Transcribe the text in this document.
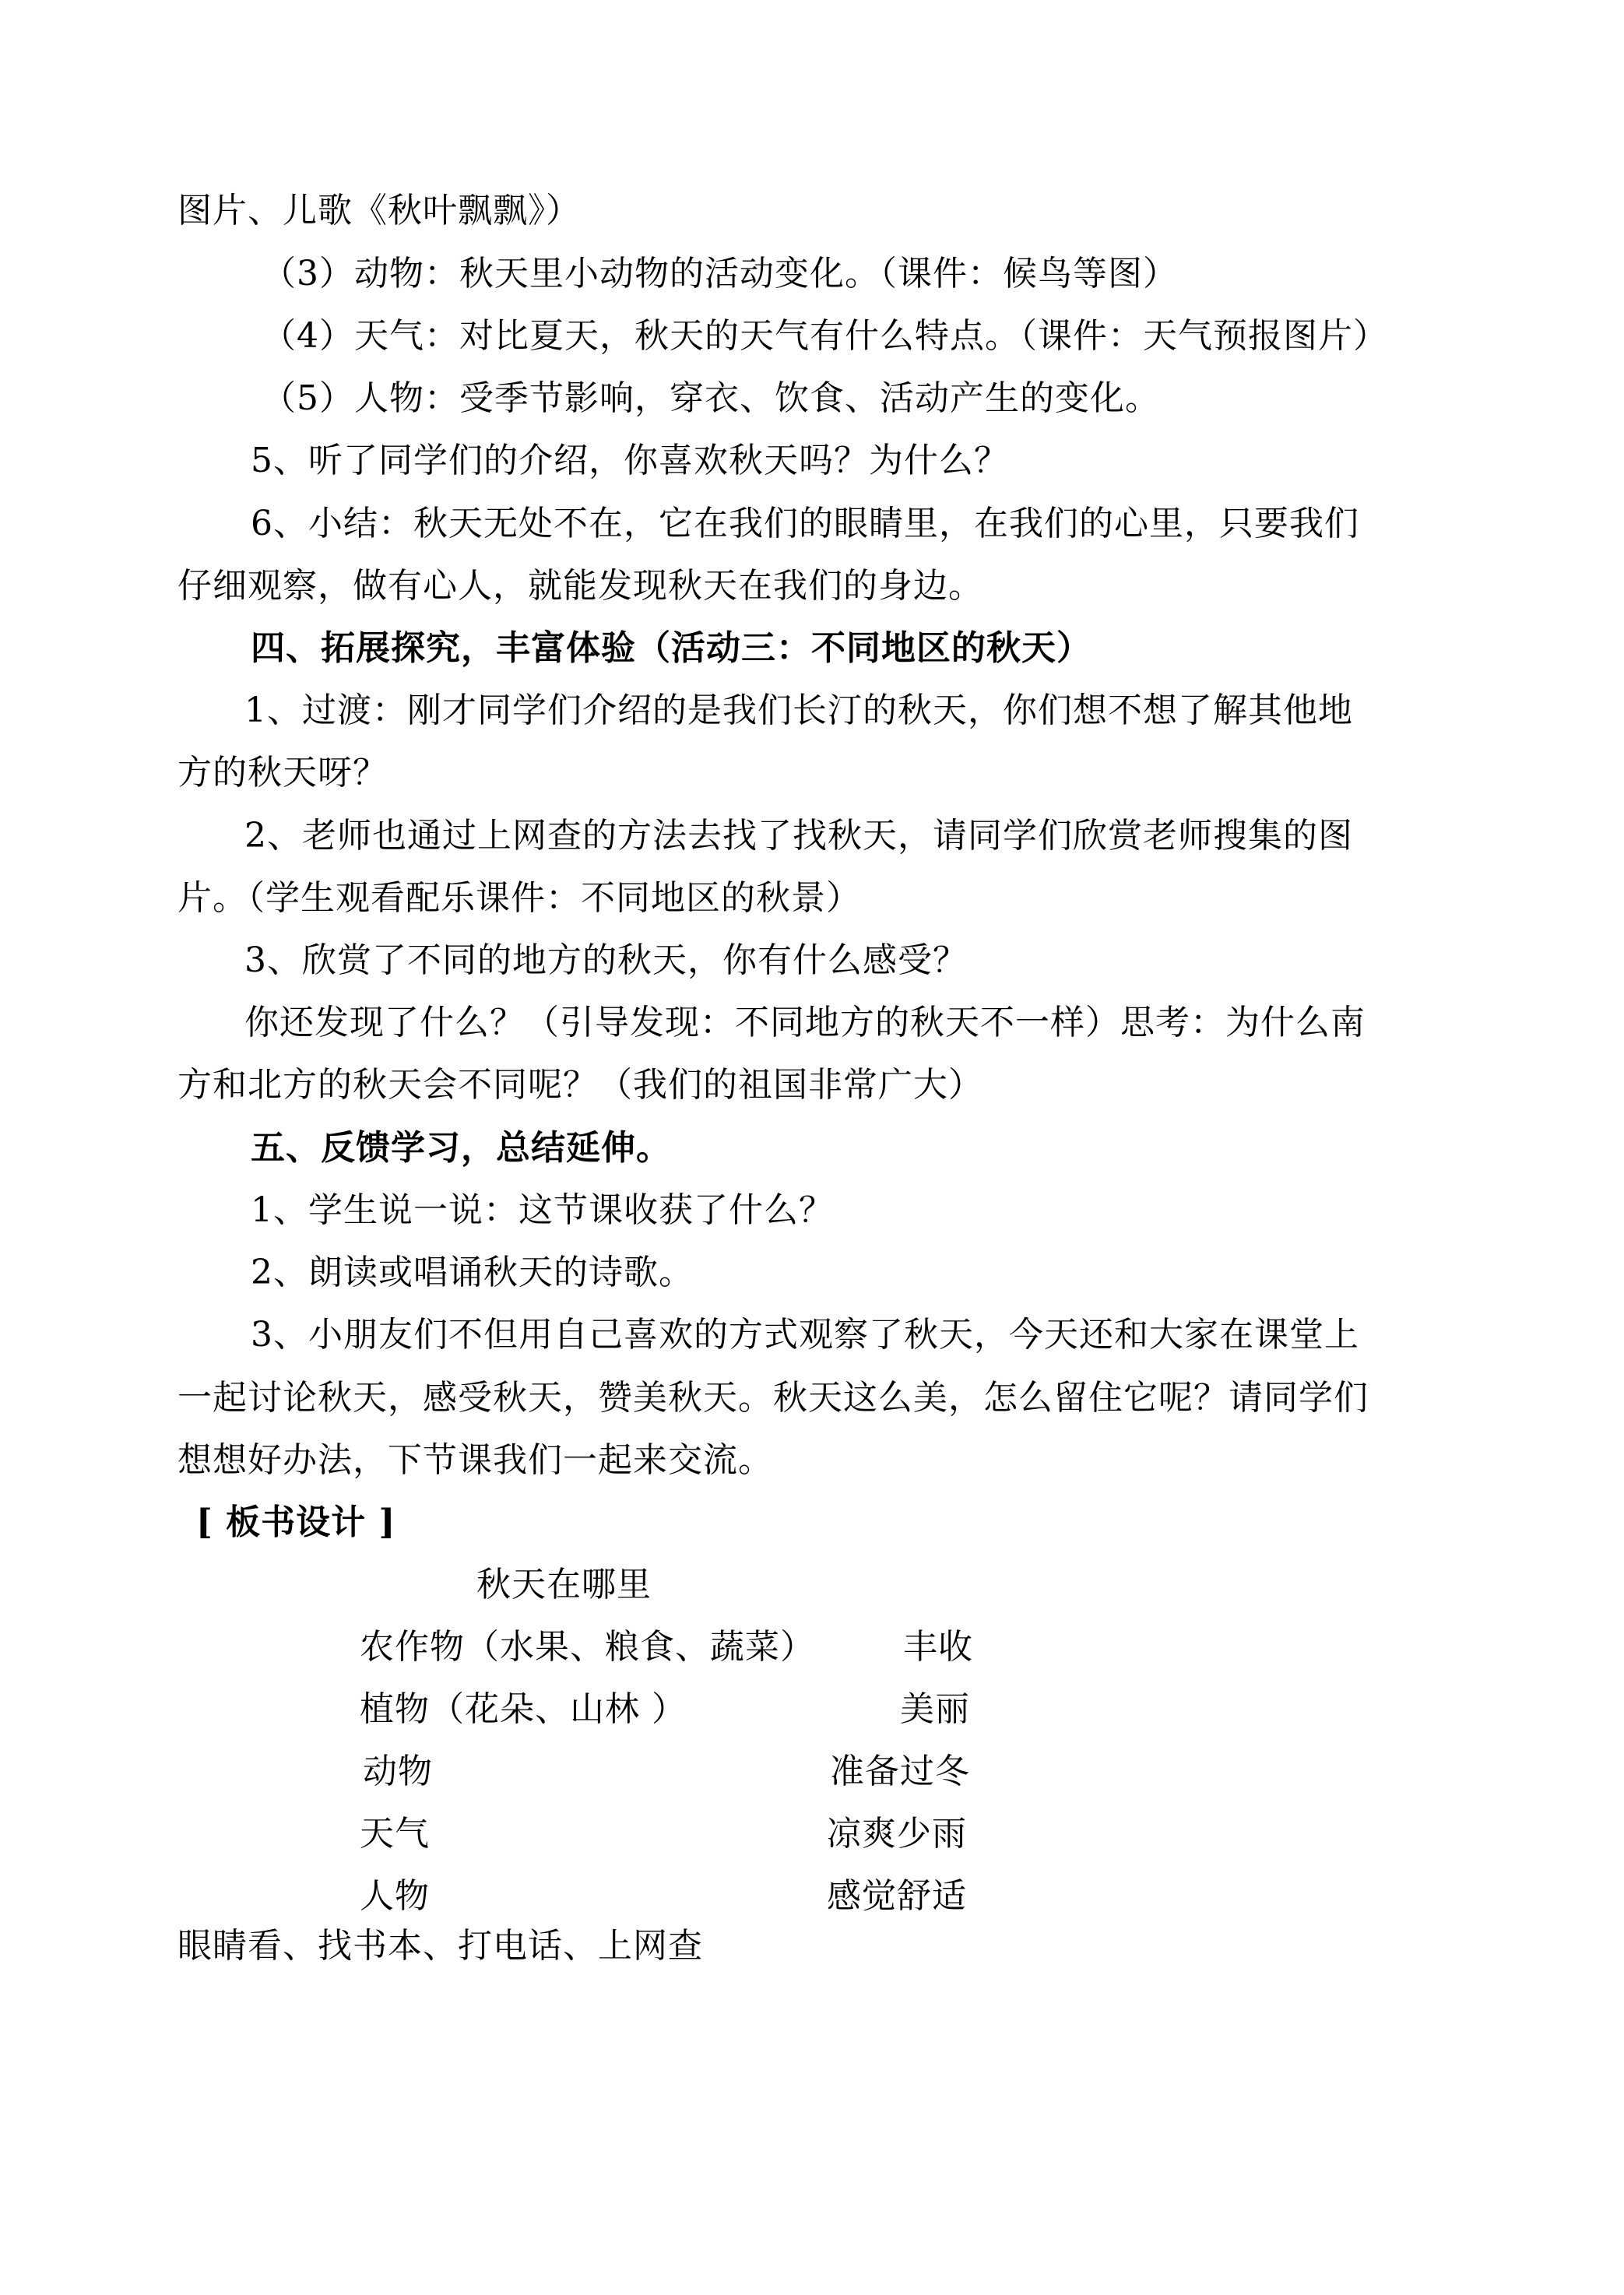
图片、儿歌《秋叶飘飘》）
（3）动物：秋天里小动物的活动变化。（课件：候鸟等图）
（4）天气：对比夏天，秋天的天气有什么特点。（课件：天气预报图片）
（5）人物：受季节影响，穿衣、饮食、活动产生的变化。
5、听了同学们的介绍，你喜欢秋天吗？为什么？
6、小结：秋天无处不在，它在我们的眼睛里，在我们的心里，只要我们
仔细观察，做有心人，就能发现秋天在我们的身边。
四、拓展探究，丰富体验（活动三：不同地区的秋天）
1、过渡：刚才同学们介绍的是我们长汀的秋天，你们想不想了解其他地
方的秋天呀？
2、老师也通过上网查的方法去找了找秋天，请同学们欣赏老师搜集的图
片。（学生观看配乐课件：不同地区的秋景）
3、欣赏了不同的地方的秋天，你有什么感受？
你还发现了什么？（引导发现：不同地方的秋天不一样）思考：为什么南
方和北方的秋天会不同呢？（我们的祖国非常广大）
五、反馈学习，总结延伸。
1、学生说一说：这节课收获了什么？
2、朗读或唱诵秋天的诗歌。
3、小朋友们不但用自己喜欢的方式观察了秋天，今天还和大家在课堂上
一起讨论秋天，感受秋天，赞美秋天。秋天这么美，怎么留住它呢？请同学们
想想好办法，下节课我们一起来交流。
[ 板书设计 ]
秋天在哪里
农作物（水果、粮食、蔬菜）	丰收
植物（花朵、山林 ）	美丽
动物	准备过冬
天气	凉爽少雨
人物	感觉舒适
眼睛看、找书本、打电话、上网查
